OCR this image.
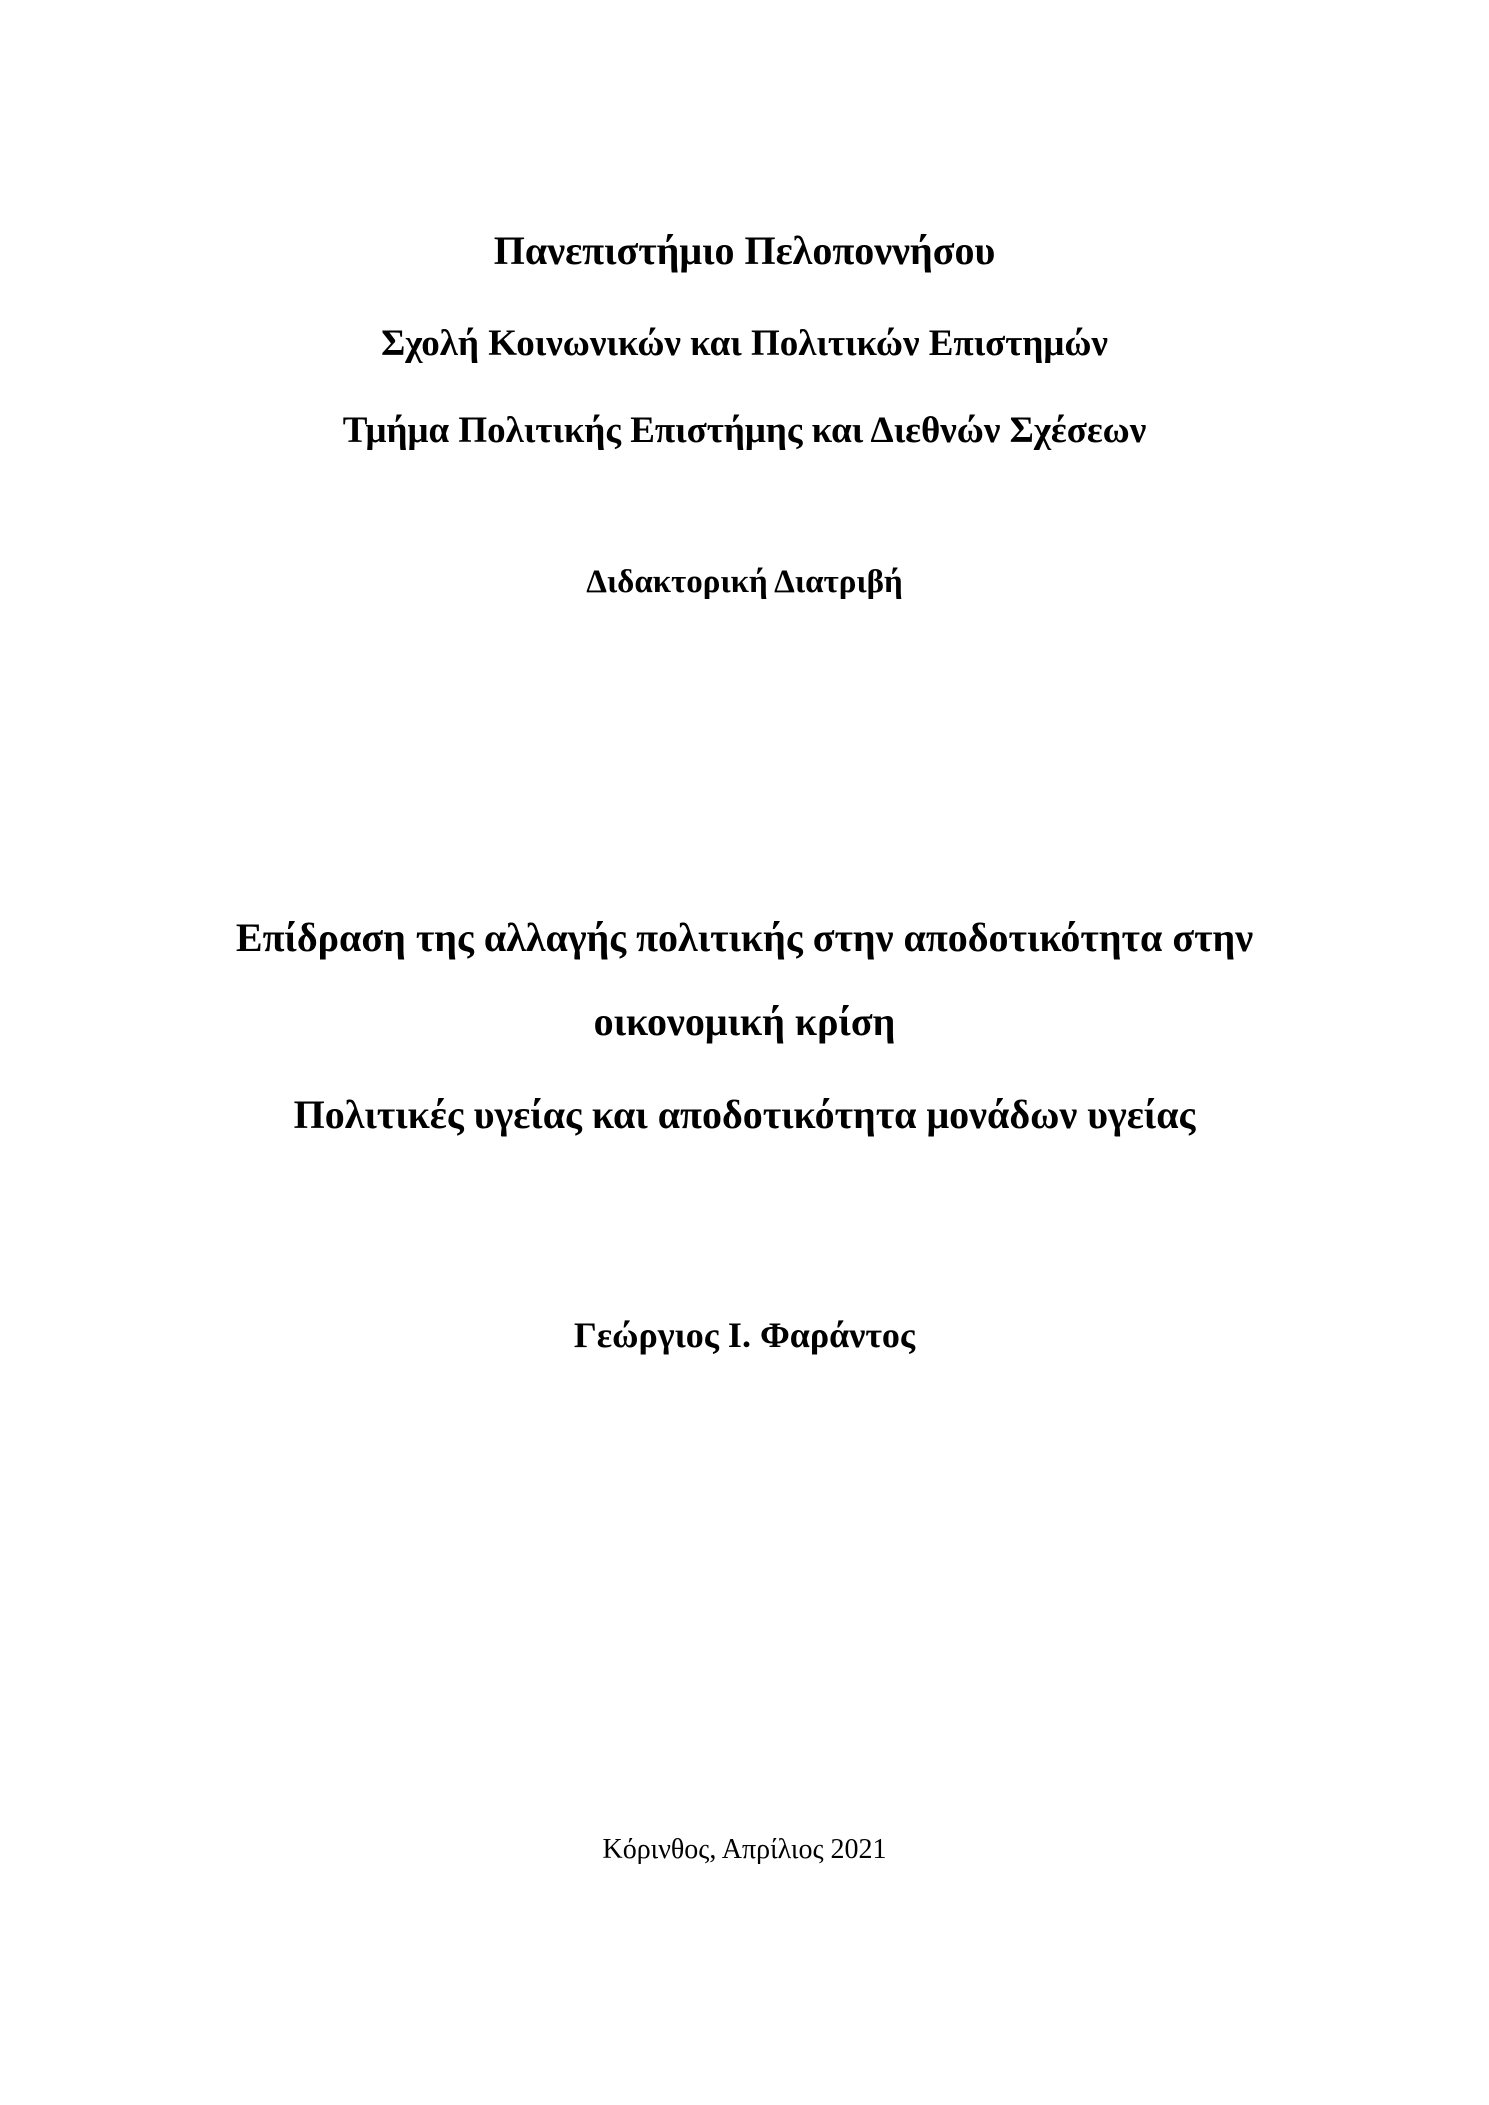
Πανεπιστήμιο Πελοποννήσου
Σχολή Κοινωνικών και Πολιτικών Επιστημών
Τμήμα Πολιτικής Επιστήμης και Διεθνών Σχέσεων
Διδακτορική Διατριβή
Επίδραση της αλλαγής πολιτικής στην αποδοτικότητα στην
οικονομική κρίση
Πολιτικές υγείας και αποδοτικότητα μονάδων υγείας
Γεώργιος Ι. Φαράντος
Κόρινθος, Απρίλιος 2021
